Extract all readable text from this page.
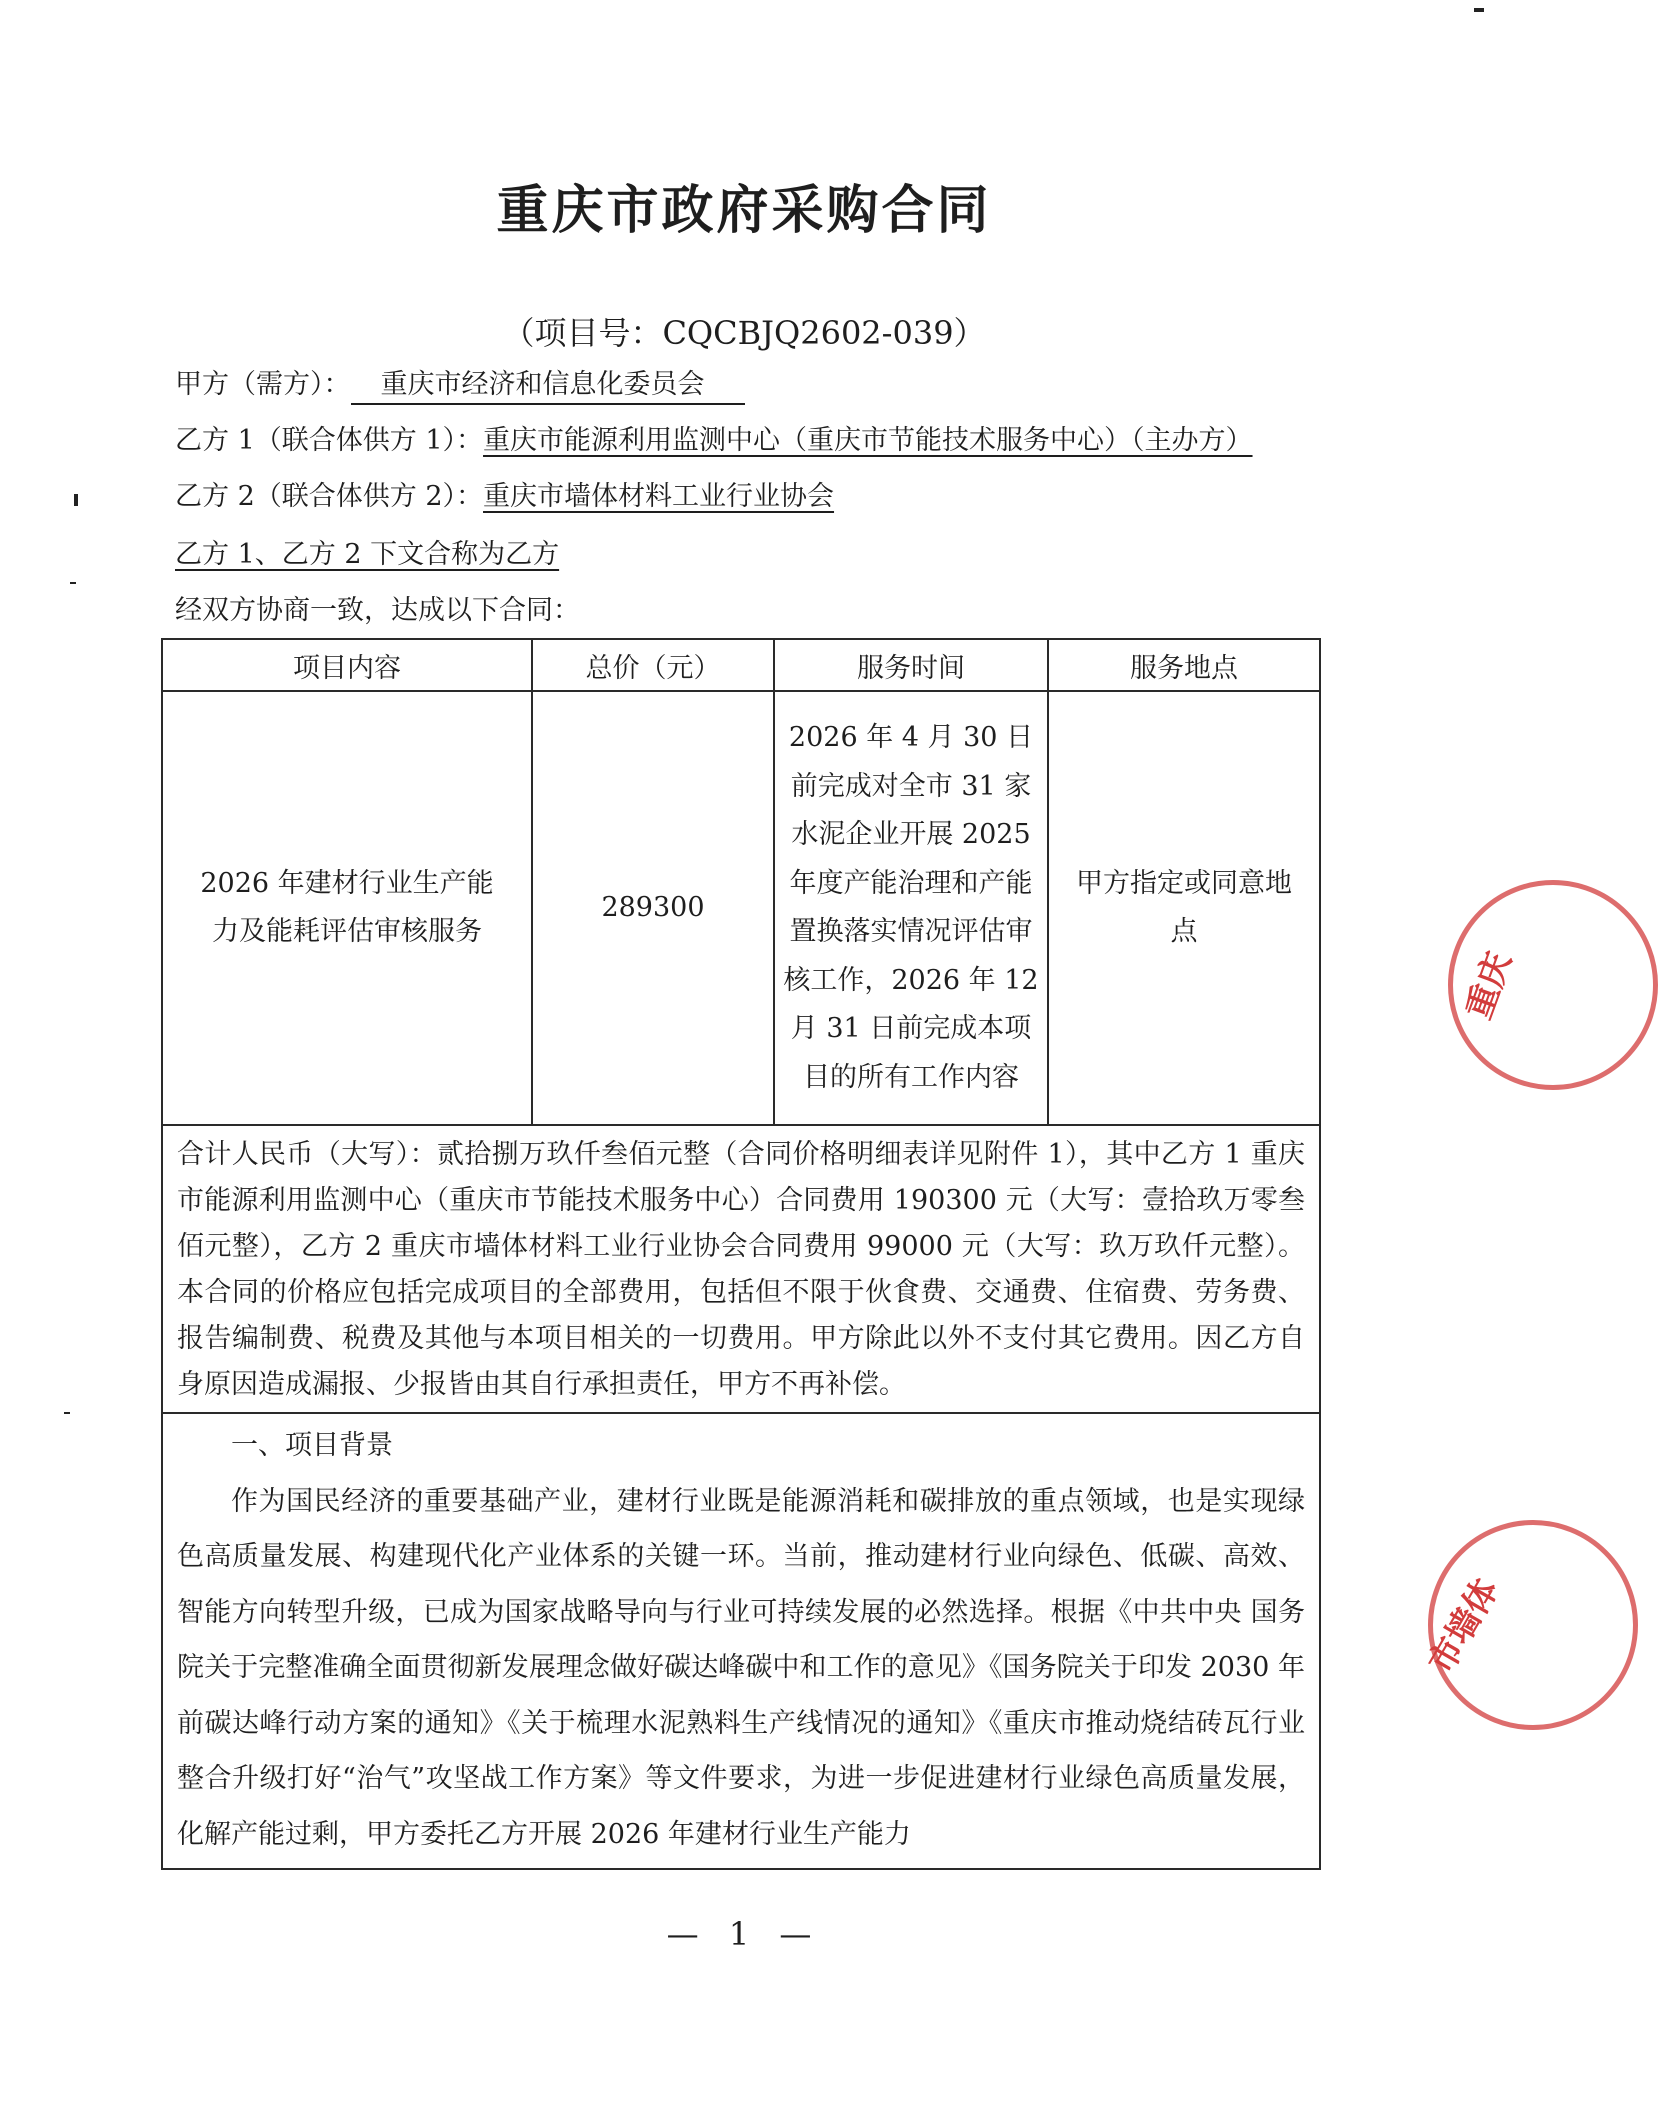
重庆市政府采购合同
（项目号：CQCBJQ2602-039）
甲方（需方）： 重庆市经济和信息化委员会
乙方 1（联合体供方 1）：重庆市能源利用监测中心（重庆市节能技术服务中心）（主办方）
乙方 2（联合体供方 2）：重庆市墙体材料工业行业协会
乙方 1、乙方 2 下文合称为乙方
经双方协商一致，达成以下合同：
项目内容	总价（元）	服务时间	服务地点
2026 年建材行业生产能力及能耗评估审核服务	289300	2026 年 4 月 30 日前完成对全市 31 家水泥企业开展 2025 年度产能治理和产能置换落实情况评估审核工作，2026 年 12 月 31 日前完成本项目的所有工作内容	甲方指定或同意地点
合计人民币（大写）：贰拾捌万玖仟叁佰元整（合同价格明细表详见附件 1），其中乙方 1 重庆市能源利用监测中心（重庆市节能技术服务中心）合同费用 190300 元（大写：壹拾玖万零叁佰元整），乙方 2 重庆市墙体材料工业行业协会合同费用 99000 元（大写：玖万玖仟元整）。本合同的价格应包括完成项目的全部费用，包括但不限于伙食费、交通费、住宿费、劳务费、报告编制费、税费及其他与本项目相关的一切费用。甲方除此以外不支付其它费用。因乙方自身原因造成漏报、少报皆由其自行承担责任，甲方不再补偿。			

一、项目背景
作为国民经济的重要基础产业，建材行业既是能源消耗和碳排放的重点领域，也是实现绿色高质量发展、构建现代化产业体系的关键一环。当前，推动建材行业向绿色、低碳、高效、智能方向转型升级，已成为国家战略导向与行业可持续发展的必然选择。根据《中共中央 国务院关于完整准确全面贯彻新发展理念做好碳达峰碳中和工作的意见》《国务院关于印发 2030 年前碳达峰行动方案的通知》《关于梳理水泥熟料生产线情况的通知》《重庆市推动烧结砖瓦行业整合升级打好“治气”攻坚战工作方案》等文件要求，为进一步促进建材行业绿色高质量发展，化解产能过剩，甲方委托乙方开展 2026 年建材行业生产能力			
— 1 —
重庆
市墙体
